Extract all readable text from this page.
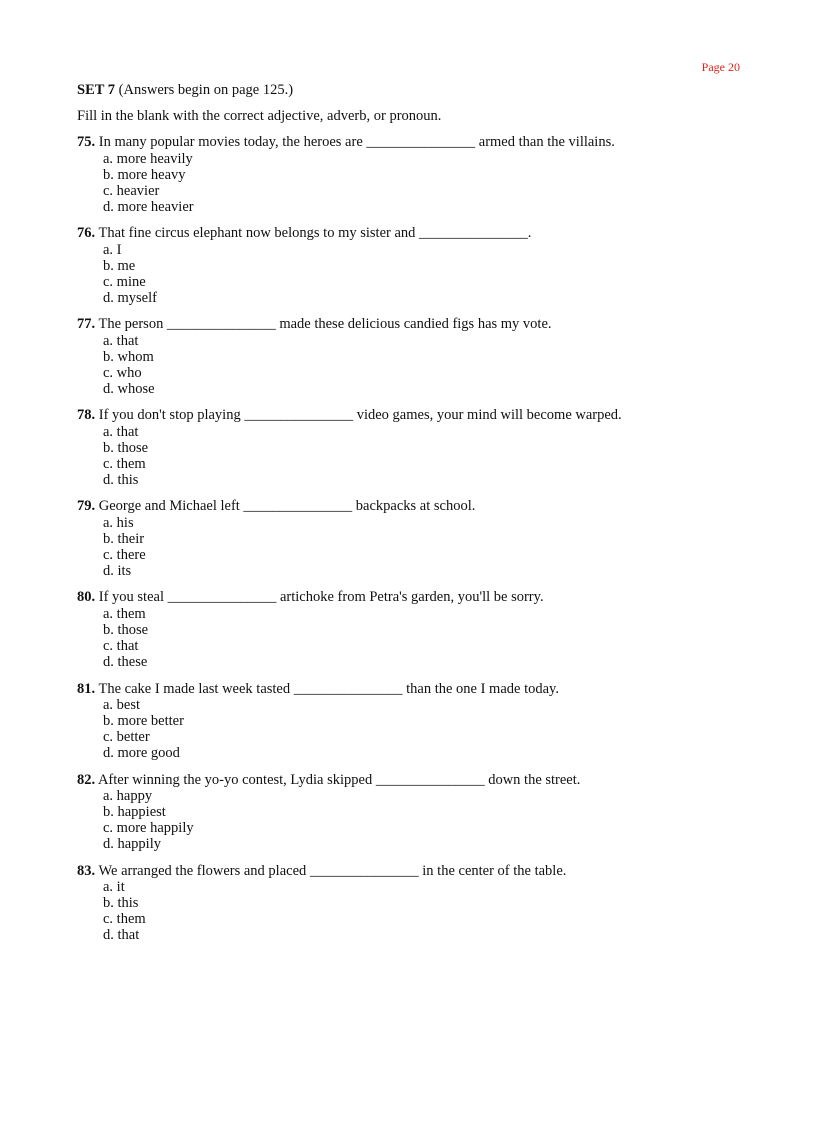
Page 20
SET 7 (Answers begin on page 125.)
Fill in the blank with the correct adjective, adverb, or pronoun.
75. In many popular movies today, the heroes are _______________ armed than the villains.
a. more heavily
b. more heavy
c. heavier
d. more heavier
76. That fine circus elephant now belongs to my sister and _______________.
a. I
b. me
c. mine
d. myself
77. The person _______________ made these delicious candied figs has my vote.
a. that
b. whom
c. who
d. whose
78. If you don't stop playing _______________ video games, your mind will become warped.
a. that
b. those
c. them
d. this
79. George and Michael left _______________ backpacks at school.
a. his
b. their
c. there
d. its
80. If you steal _______________ artichoke from Petra's garden, you'll be sorry.
a. them
b. those
c. that
d. these
81. The cake I made last week tasted _______________ than the one I made today.
a. best
b. more better
c. better
d. more good
82. After winning the yo-yo contest, Lydia skipped _______________ down the street.
a. happy
b. happiest
c. more happily
d. happily
83. We arranged the flowers and placed _______________ in the center of the table.
a. it
b. this
c. them
d. that
